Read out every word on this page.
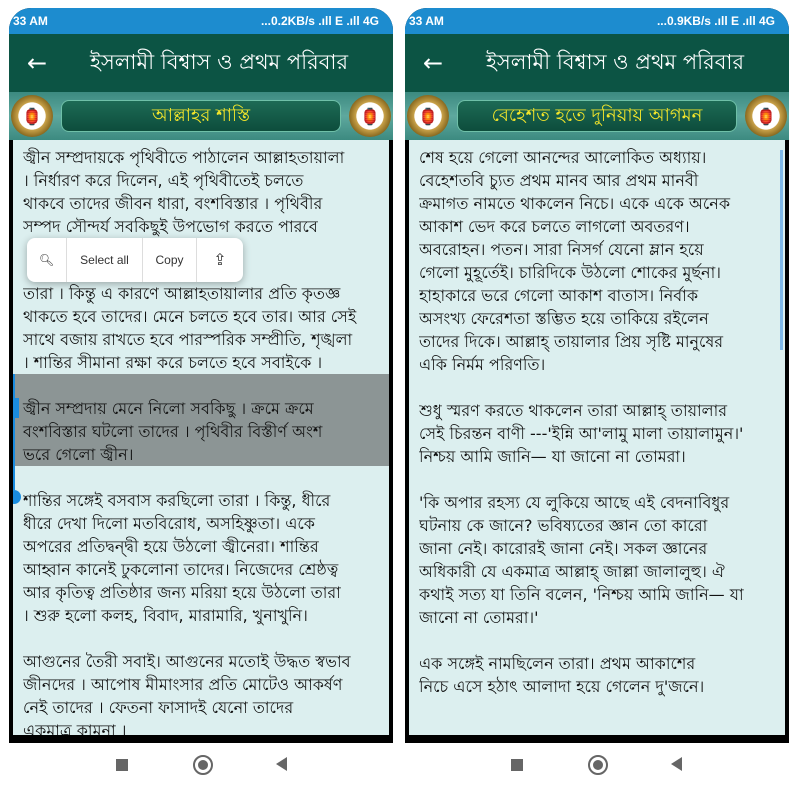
33 AM	...0.2KB/s .ıll E .ıll 4G
←	ইসলামী বিশ্বাস ও প্রথম পরিবার
🏮	আল্লাহর শাস্তি	🏮
জ্বীন সম্প্রদায়কে পৃথিবীতে পাঠালেন আল্লাহতায়ালা
। নির্ধারণ করে দিলেন, এই পৃথিবীতেই চলতে
থাকবে তাদের জীবন ধারা, বংশবিস্তার । পৃথিবীর
সম্পদ সৌন্দর্য সবকিছুই উপভোগ করতে পারবে
🔍︎	Select all	Copy	⇪
তারা । কিন্তু এ কারণে আল্লাহতায়ালার প্রতি কৃতজ্ঞ
থাকতে হবে তাদের। মেনে চলতে হবে তার। আর সেই
সাথে বজায় রাখতে হবে পারস্পরিক সম্প্রীতি, শৃঙ্খলা
। শান্তির সীমানা রক্ষা করে চলতে হবে সবাইকে ।
জ্বীন সম্প্রদায় মেনে নিলো সবকিছু । ক্রমে ক্রমে
বংশবিস্তার ঘটলো তাদের । পৃথিবীর বিস্তীর্ণ অংশ
ভরে গেলো জ্বীন।
শান্তির সঙ্গেই বসবাস করছিলো তারা । কিন্তু, ধীরে
ধীরে দেখা দিলো মতবিরোধ, অসহিষ্ণুতা। একে
অপরের প্রতিদ্বন্দ্বী হয়ে উঠলো জ্বীনেরা। শান্তির
আহ্বান কানেই ঢুকলোনা তাদের। নিজেদের শ্রেষ্ঠত্ব
আর কৃতিত্ব প্রতিষ্ঠার জন্য মরিয়া হয়ে উঠলো তারা
। শুরু হলো কলহ, বিবাদ, মারামারি, খুনাখুনি।
আগুনের তৈরী সবাই। আগুনের মতোই উদ্ধত স্বভাব
জীনদের । আপোষ মীমাংসার প্রতি মোটেও আকর্ষণ
নেই তাদের । ফেতনা ফাসাদই যেনো তাদের
একমাত্র কামনা ।
33 AM	...0.9KB/s .ıll E .ıll 4G
←	ইসলামী বিশ্বাস ও প্রথম পরিবার
🏮	বেহেশত হতে দুনিয়ায় আগমন	🏮
শেষ হয়ে গেলো আনন্দের আলোকিত অধ্যায়।
বেহেশতবি চ্যুত প্রথম মানব আর প্রথম মানবী
ক্রমাগত নামতে থাকলেন নিচে। একে একে অনেক
আকাশ ভেদ করে চলতে লাগলো অবতরণ।
অবরোহন। পতন। সারা নিসর্গ যেনো ম্লান হয়ে
গেলো মুহূর্তেই। চারিদিকে উঠলো শোকের মুর্ছনা।
হাহাকারে ভরে গেলো আকাশ বাতাস। নির্বাক
অসংখ্য ফেরেশতা স্তম্ভিত হয়ে তাকিয়ে রইলেন
তাদের দিকে। আল্লাহ্‌ তায়ালার প্রিয় সৃষ্টি মানুষের
একি নির্মম পরিণতি।
শুধু স্মরণ করতে থাকলেন তারা আল্লাহ্‌ তায়ালার
সেই চিরন্তন বাণী ---'ইন্নি আ'লামু মালা তায়ালামুন।'
নিশ্চয় আমি জানি— যা জানো না তোমরা।
'কি অপার রহস্য যে লুকিয়ে আছে এই বেদনাবিধুর
ঘটনায় কে জানে? ভবিষ্যতের জ্ঞান তো কারো
জানা নেই। কারোরই জানা নেই। সকল জ্ঞানের
অধিকারী যে একমাত্র আল্লাহ্‌ জাল্লা জালালুহু। ঐ
কথাই সত্য যা তিনি বলেন, 'নিশ্চয় আমি জানি— যা
জানো না তোমরা।'
এক সঙ্গেই নামছিলেন তারা। প্রথম আকাশের
নিচে এসে হঠাৎ আলাদা হয়ে গেলেন দু'জনে।
